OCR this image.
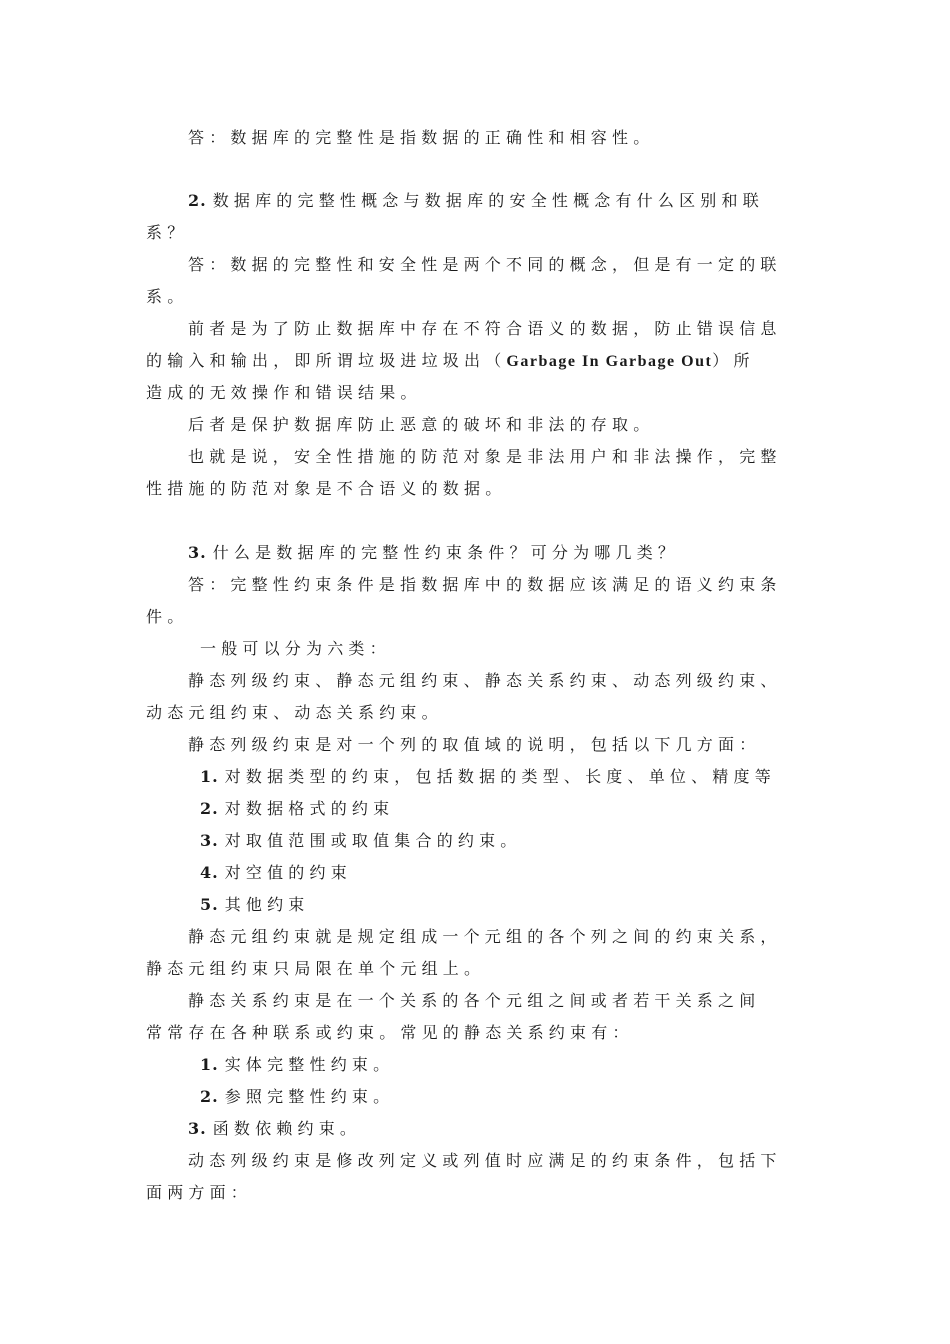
答：数据库的完整性是指数据的正确性和相容性。
2. 数据库的完整性概念与数据库的安全性概念有什么区别和联
系？
答：数据的完整性和安全性是两个不同的概念，但是有一定的联
系。
前者是为了防止数据库中存在不符合语义的数据，防止错误信息
的输入和输出，即所谓垃圾进垃圾出（Garbage In Garbage Out）所
造成的无效操作和错误结果。
后者是保护数据库防止恶意的破坏和非法的存取。
也就是说，安全性措施的防范对象是非法用户和非法操作，完整
性措施的防范对象是不合语义的数据。
3. 什么是数据库的完整性约束条件？可分为哪几类？
答：完整性约束条件是指数据库中的数据应该满足的语义约束条
件。
一般可以分为六类：
静态列级约束、静态元组约束、静态关系约束、动态列级约束、
动态元组约束、动态关系约束。
静态列级约束是对一个列的取值域的说明，包括以下几方面：
1. 对数据类型的约束，包括数据的类型、长度、单位、精度等
2. 对数据格式的约束
3. 对取值范围或取值集合的约束。
4. 对空值的约束
5. 其他约束
静态元组约束就是规定组成一个元组的各个列之间的约束关系，
静态元组约束只局限在单个元组上。
静态关系约束是在一个关系的各个元组之间或者若干关系之间
常常存在各种联系或约束。常见的静态关系约束有：
1. 实体完整性约束。
2. 参照完整性约束。
3. 函数依赖约束。
动态列级约束是修改列定义或列值时应满足的约束条件，包括下
面两方面：
